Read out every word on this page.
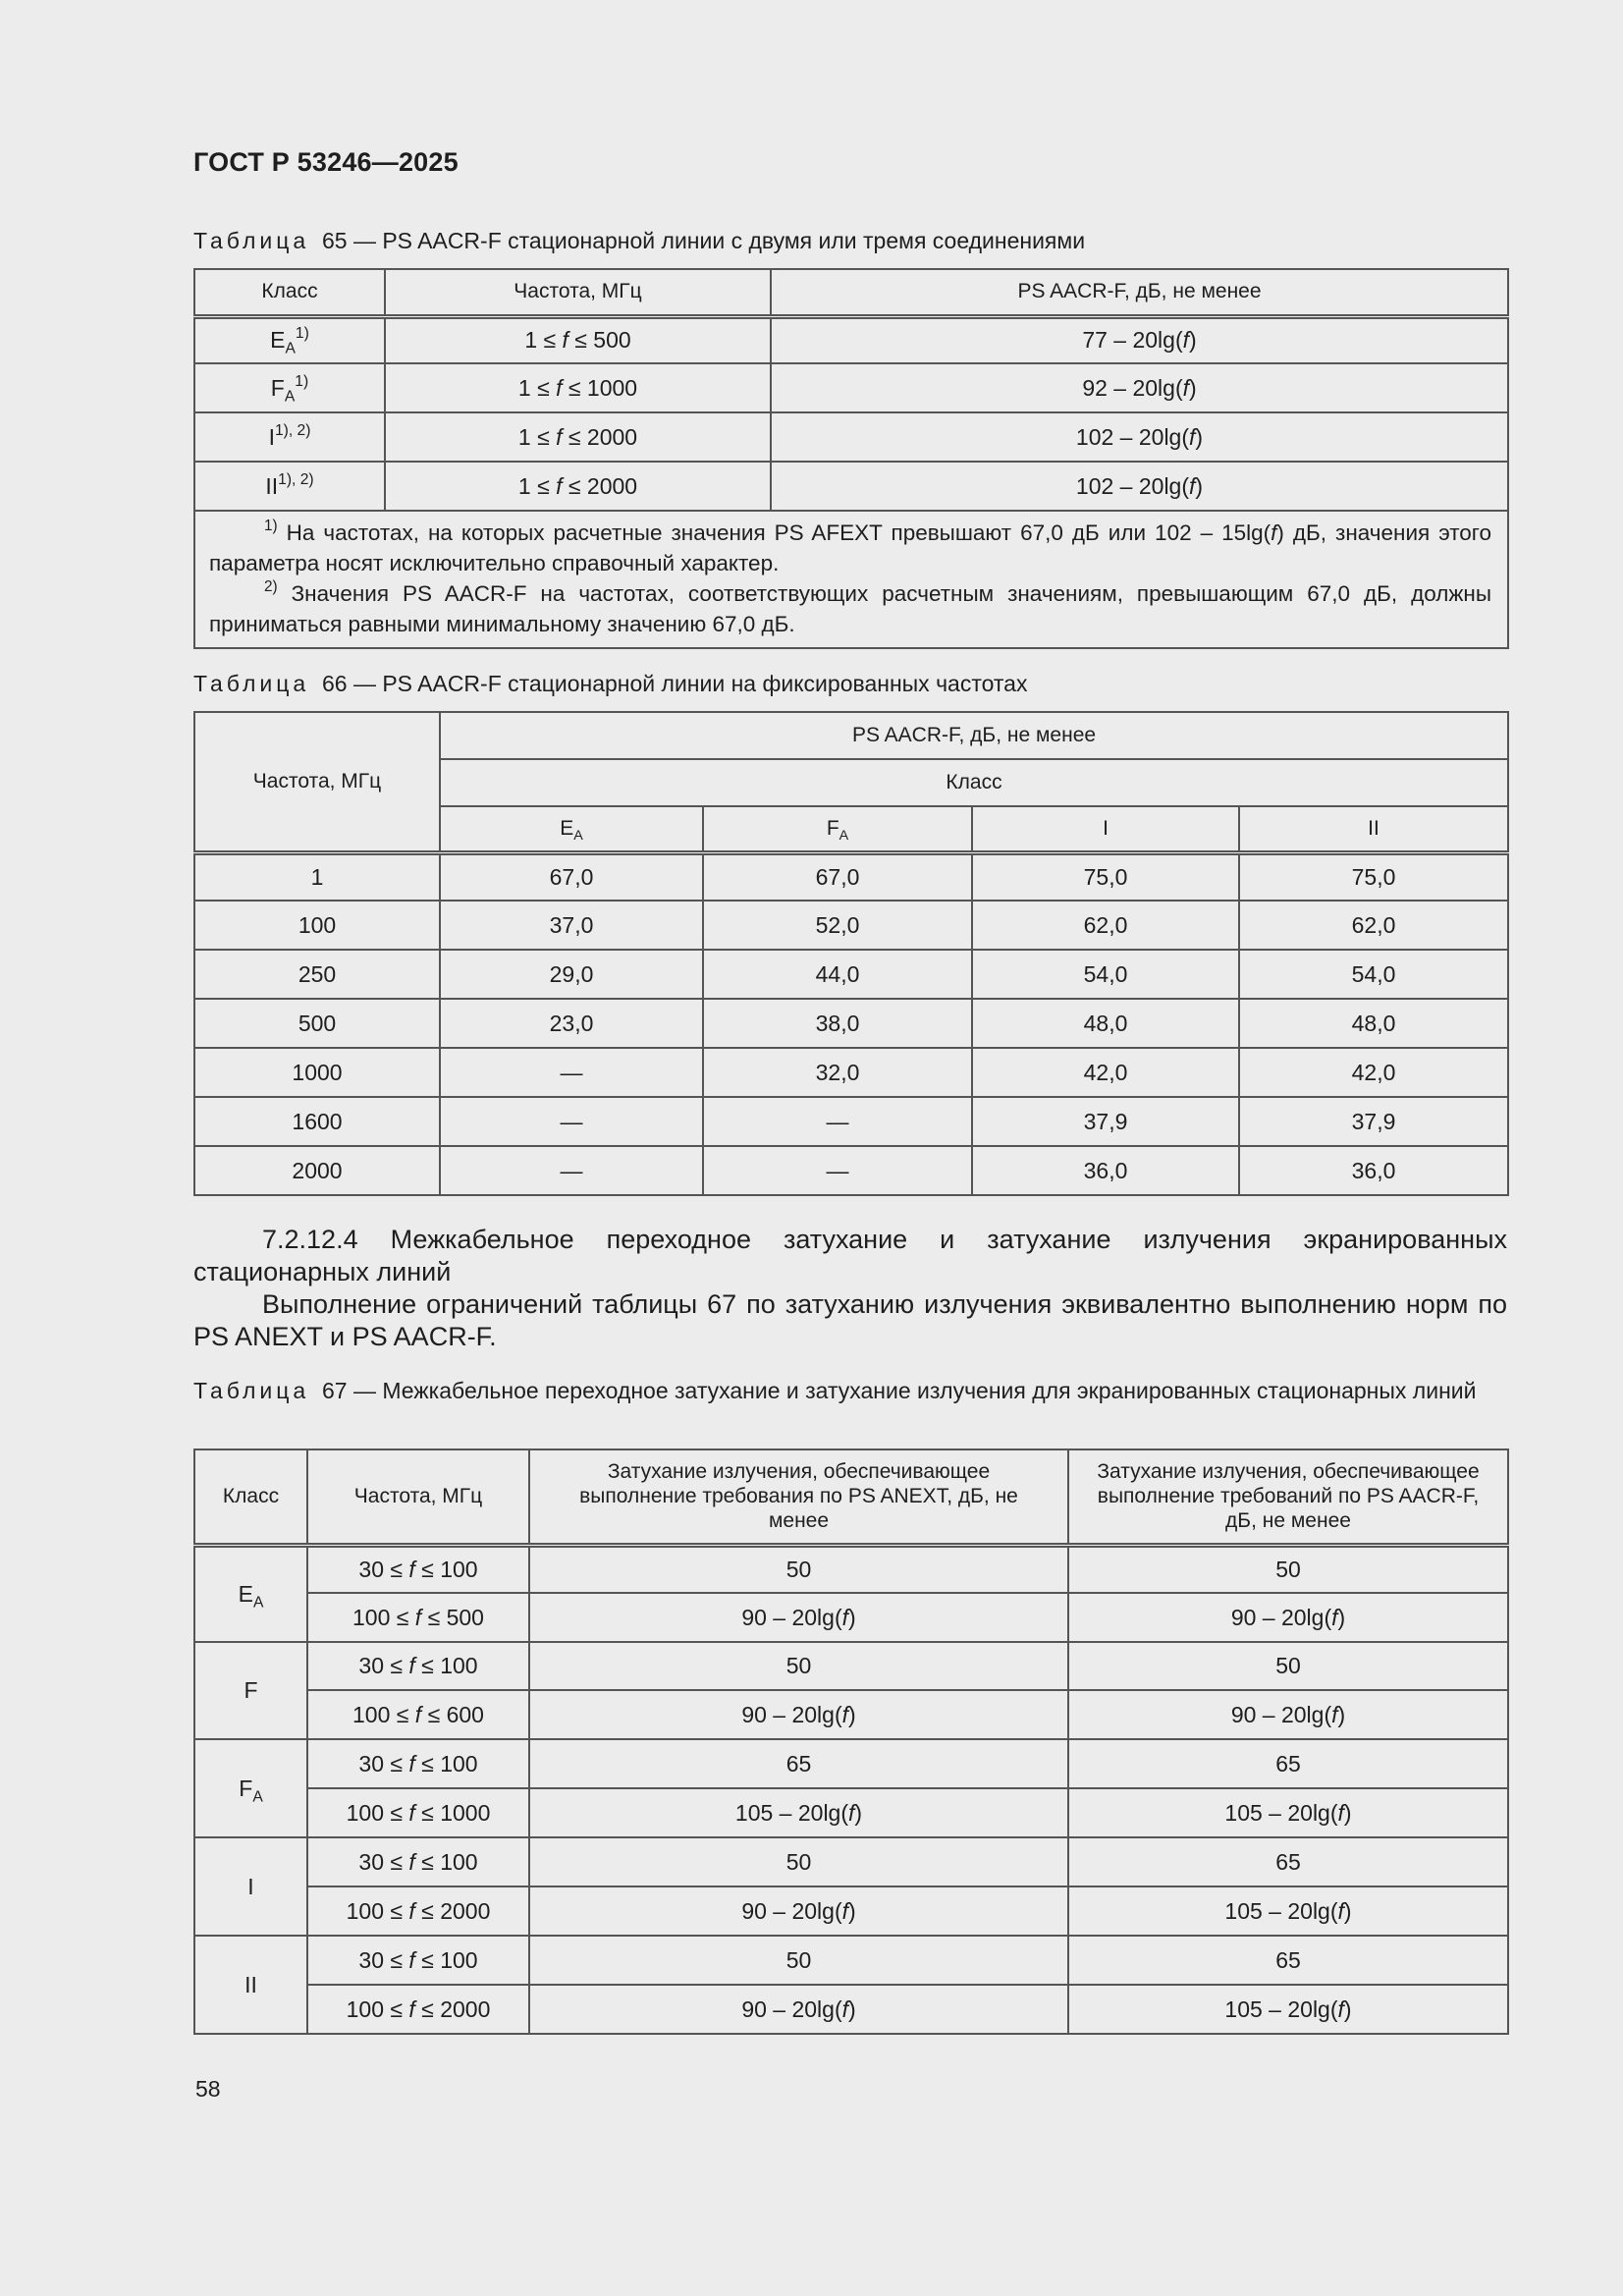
ГОСТ Р 53246—2025
Таблица 65 — PS AACR-F стационарной линии с двумя или тремя соединениями
Класс	Частота, МГц	PS AACR-F, дБ, не менее
$E_A^{1)}$	1 ≤ f ≤ 500	77 – 20lg(f)
$F_A^{1)}$	1 ≤ f ≤ 1000	92 – 20lg(f)
$I^{1), 2)}$	1 ≤ f ≤ 2000	102 – 20lg(f)
$II^{1), 2)}$	1 ≤ f ≤ 2000	102 – 20lg(f)

$^{1)}$ На частотах, на которых расчетные значения PS AFEXT превышают 67,0 дБ или 102 – 15lg(f) дБ, значения этого параметра носят исключительно справочный характер.
$^{2)}$ Значения PS AACR-F на частотах, соответствующих расчетным значениям, превышающим 67,0 дБ, должны приниматься равными минимальному значению 67,0 дБ.		
Таблица 66 — PS AACR-F стационарной линии на фиксированных частотах
Частота, МГц	PS AACR-F, дБ, не менее			
	Класс			
	$E_A$	$F_A$	I	II
1	67,0	67,0	75,0	75,0
100	37,0	52,0	62,0	62,0
250	29,0	44,0	54,0	54,0
500	23,0	38,0	48,0	48,0
1000	—	32,0	42,0	42,0
1600	—	—	37,9	37,9
2000	—	—	36,0	36,0

7.2.12.4 Межкабельное переходное затухание и затухание излучения экранированных стационарных линий

Выполнение ограничений таблицы 67 по затуханию излучения эквивалентно выполнению норм по PS ANEXT и PS AACR-F.

Таблица 67 — Межкабельное переходное затухание и затухание излучения для экранированных стационарных линий
Класс	Частота, МГц	Затухание излучения, обеспечивающее выполнение требования по PS ANEXT, дБ, не менее	Затухание излучения, обеспечивающее выполнение требований по PS AACR-F, дБ, не менее
$E_A$	30 ≤ f ≤ 100	50	50
	100 ≤ f ≤ 500	90 – 20lg(f)	90 – 20lg(f)
F	30 ≤ f ≤ 100	50	50
	100 ≤ f ≤ 600	90 – 20lg(f)	90 – 20lg(f)
$F_A$	30 ≤ f ≤ 100	65	65
	100 ≤ f ≤ 1000	105 – 20lg(f)	105 – 20lg(f)
I	30 ≤ f ≤ 100	50	65
	100 ≤ f ≤ 2000	90 – 20lg(f)	105 – 20lg(f)
II	30 ≤ f ≤ 100	50	65
	100 ≤ f ≤ 2000	90 – 20lg(f)	105 – 20lg(f)
58
